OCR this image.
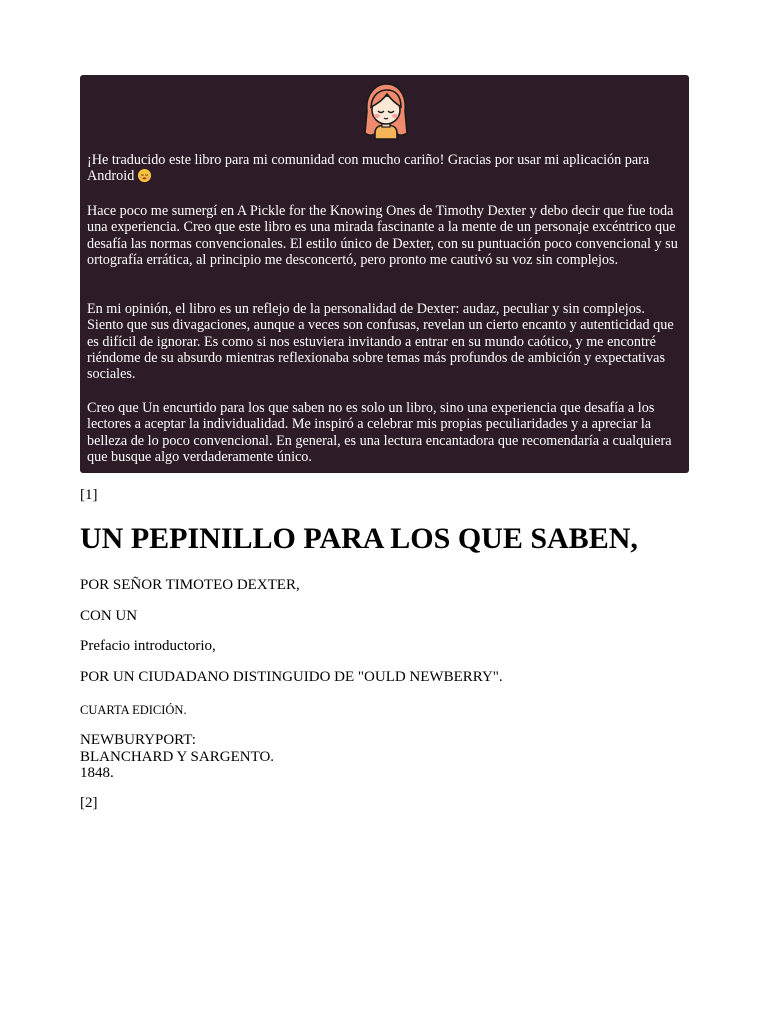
¡He traducido este libro para mi comunidad con mucho cariño! Gracias por usar mi aplicación para Android

Hace poco me sumergí en A Pickle for the Knowing Ones de Timothy Dexter y debo decir que fue toda una experiencia. Creo que este libro es una mirada fascinante a la mente de un personaje excéntrico que desafía las normas convencionales. El estilo único de Dexter, con su puntuación poco convencional y su ortografía errática, al principio me desconcertó, pero pronto me cautivó su voz sin complejos.

En mi opinión, el libro es un reflejo de la personalidad de Dexter: audaz, peculiar y sin complejos. Siento que sus divagaciones, aunque a veces son confusas, revelan un cierto encanto y autenticidad que es difícil de ignorar. Es como si nos estuviera invitando a entrar en su mundo caótico, y me encontré riéndome de su absurdo mientras reflexionaba sobre temas más profundos de ambición y expectativas sociales.

Creo que Un encurtido para los que saben no es solo un libro, sino una experiencia que desafía a los lectores a aceptar la individualidad. Me inspiró a celebrar mis propias peculiaridades y a apreciar la belleza de lo poco convencional. En general, es una lectura encantadora que recomendaría a cualquiera que busque algo verdaderamente único.

[1]
UN PEPINILLO PARA LOS QUE SABEN,
POR SEÑOR TIMOTEO DEXTER,
CON UN
Prefacio introductorio,
POR UN CIUDADANO DISTINGUIDO DE "OULD NEWBERRY".
CUARTA EDICIÓN.
NEWBURYPORT:
BLANCHARD Y SARGENTO.
1848.
[2]
